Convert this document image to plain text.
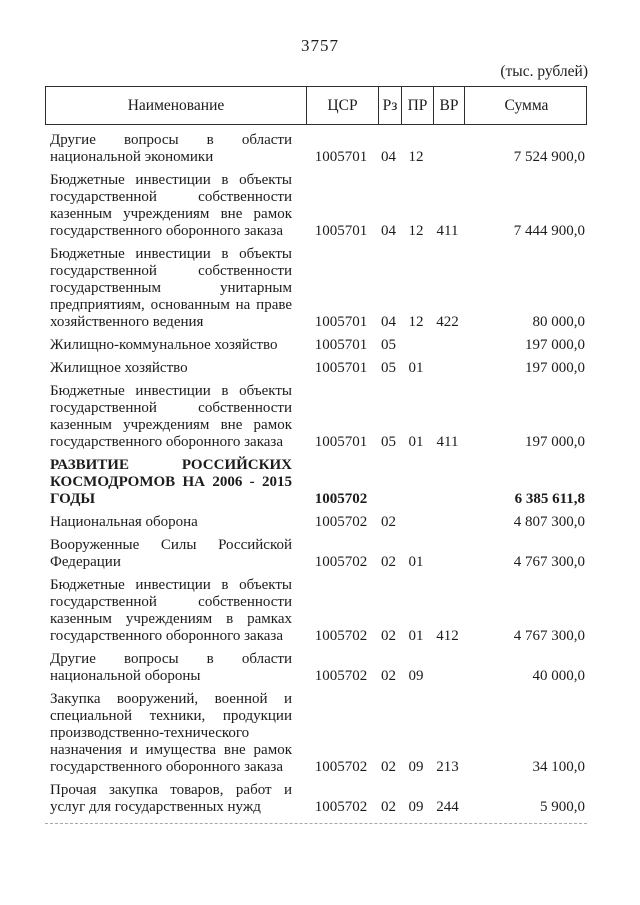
3757
(тыс. рублей)
Наименование	ЦСР	Рз ПР ВР	Сумма
Другие вопросы в области национальной экономики	1005701 04 12	7 524 900,0
Бюджетные инвестиции в объекты государственной собственности казенным учреждениям вне рамок государственного оборонного заказа	1005701 04 12 411	7 444 900,0
Бюджетные инвестиции в объекты государственной собственности государственным унитарным предприятиям, основанным на праве хозяйственного ведения	1005701 04 12 422	80 000,0
Жилищно-коммунальное хозяйство	1005701 05	197 000,0
Жилищное хозяйство	1005701 05 01	197 000,0
Бюджетные инвестиции в объекты государственной собственности казенным учреждениям вне рамок государственного оборонного заказа	1005701 05 01 411	197 000,0
РАЗВИТИЕ РОССИЙСКИХ КОСМОДРОМОВ НА 2006 - 2015 ГОДЫ	1005702	6 385 611,8
Национальная оборона	1005702 02	4 807 300,0
Вооруженные Силы Российской Федерации	1005702 02 01	4 767 300,0
Бюджетные инвестиции в объекты государственной собственности казенным учреждениям в рамках государственного оборонного заказа	1005702 02 01 412	4 767 300,0
Другие вопросы в области национальной обороны	1005702 02 09	40 000,0
Закупка вооружений, военной и специальной техники, продукции производственно-технического назначения и имущества вне рамок государственного оборонного заказа	1005702 02 09 213	34 100,0
Прочая закупка товаров, работ и услуг для государственных нужд	1005702 02 09 244	5 900,0
